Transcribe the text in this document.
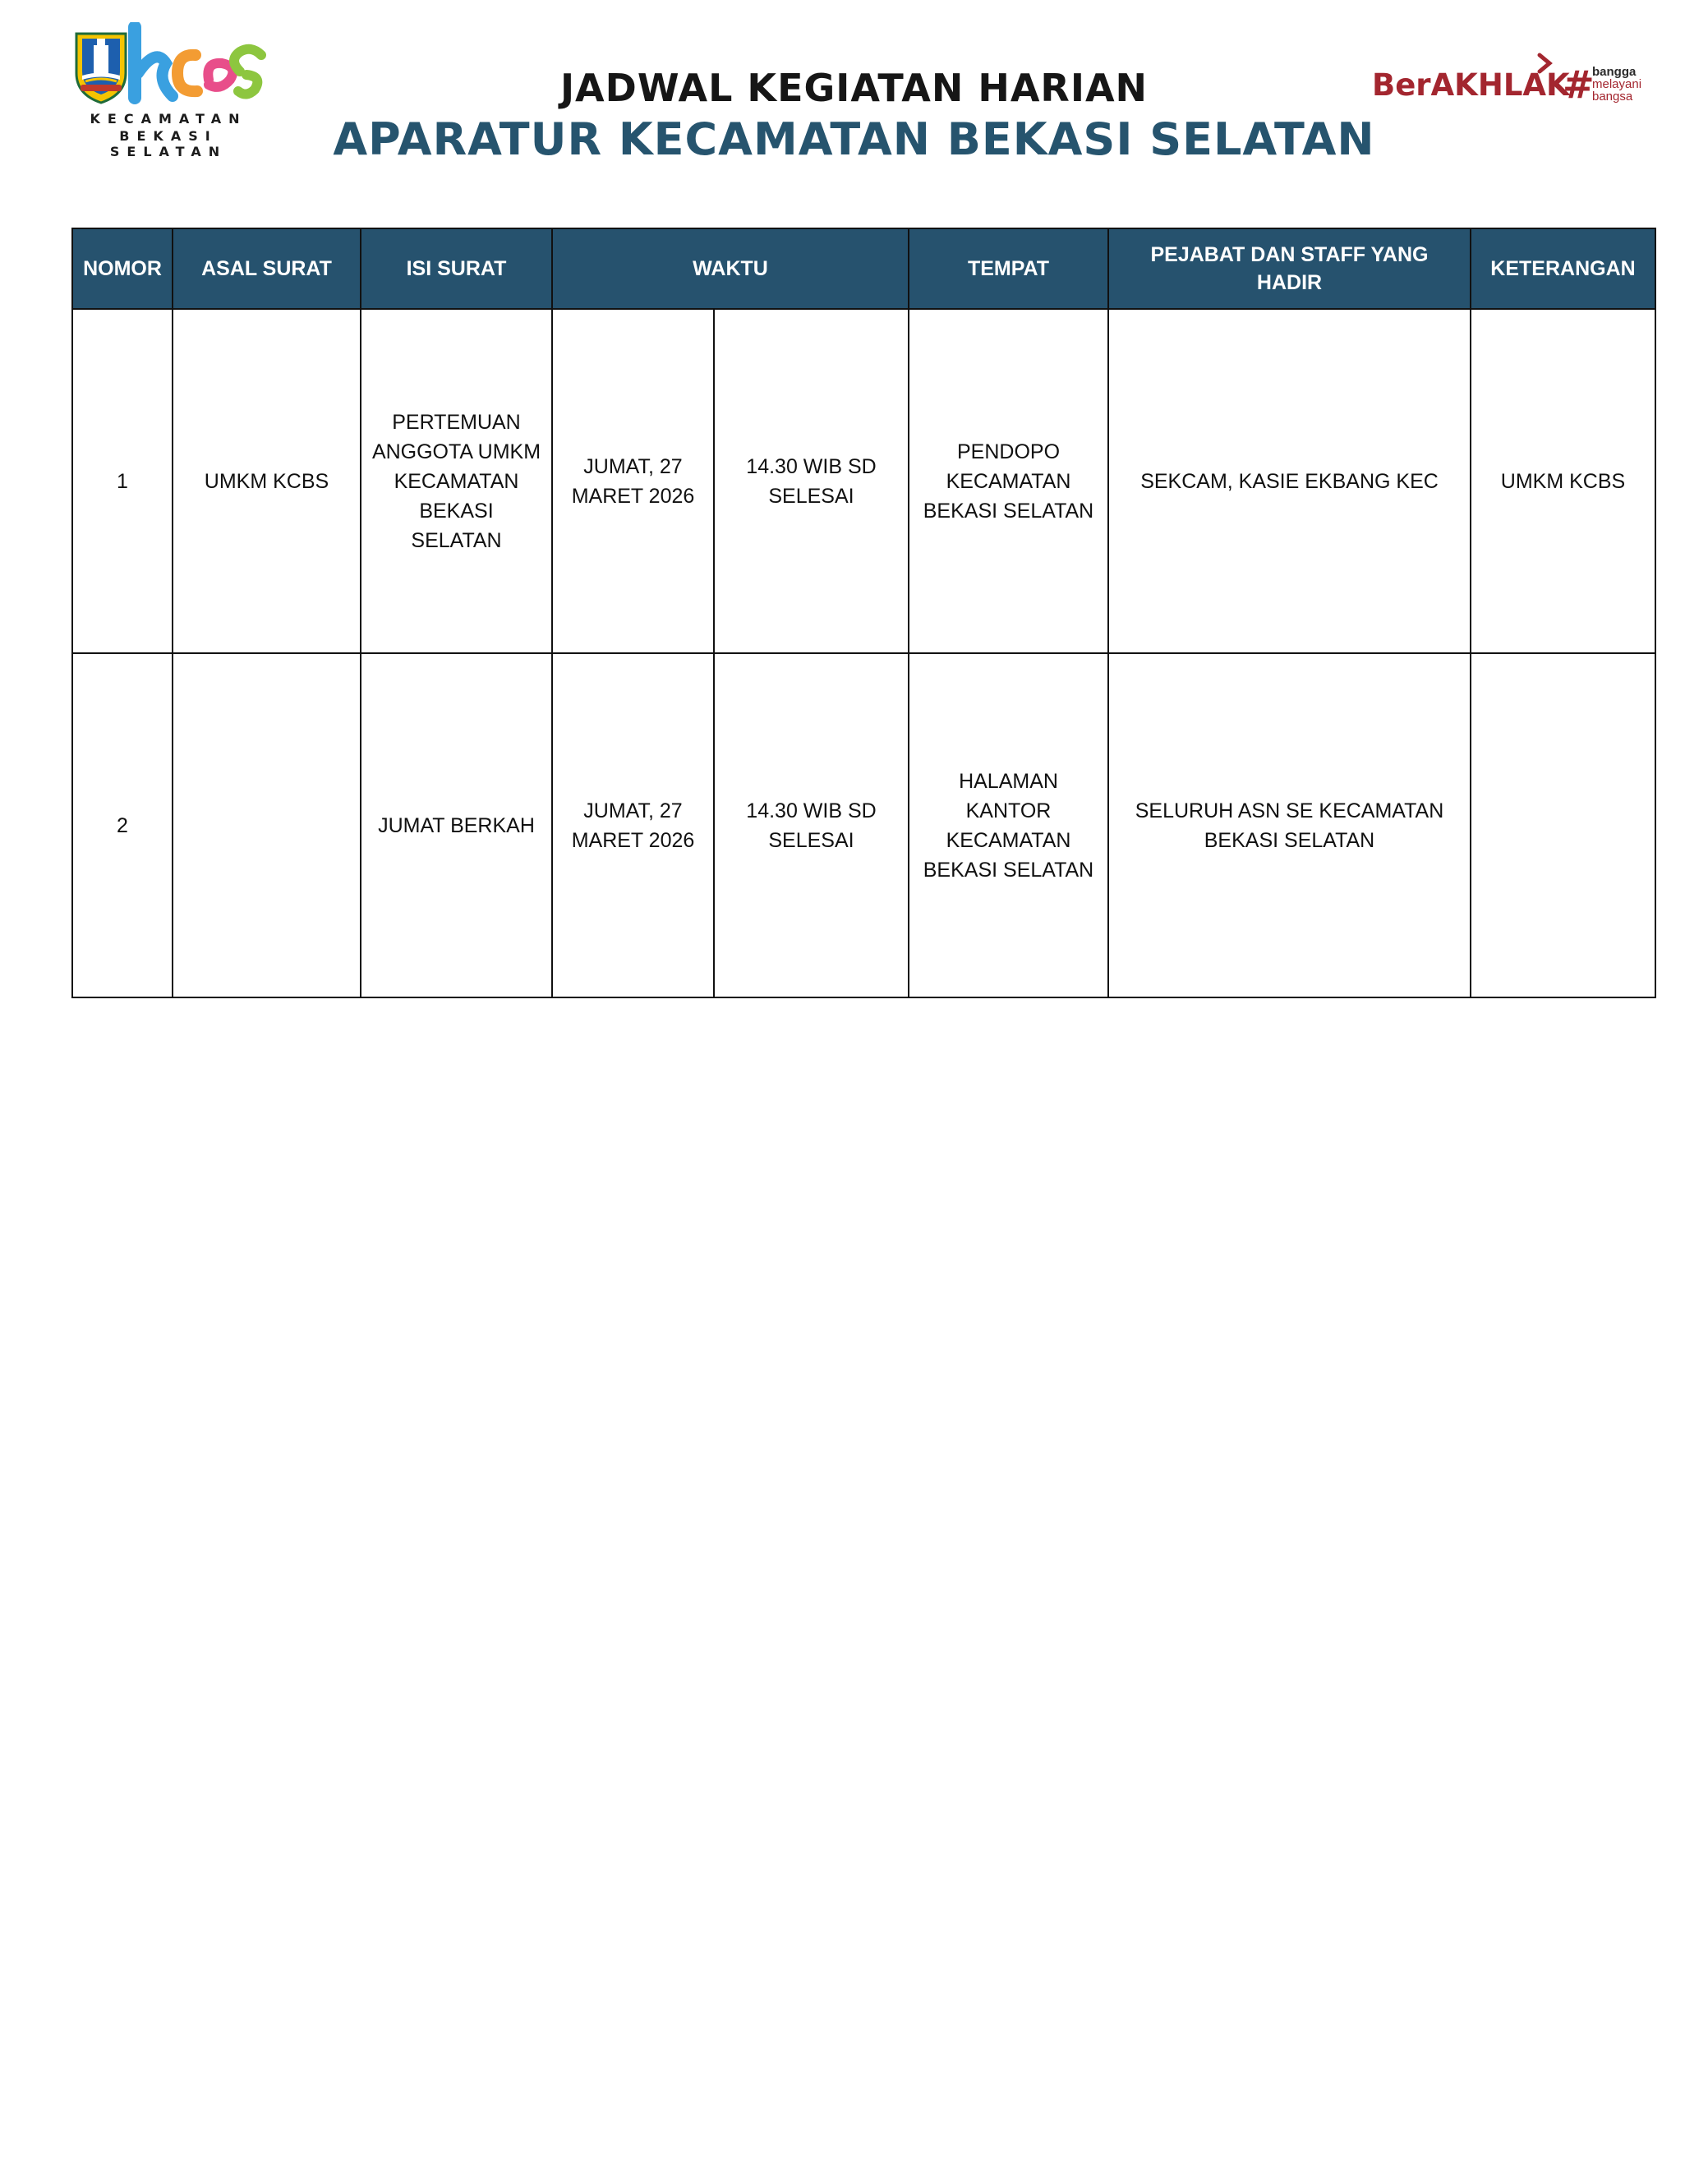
KECAMATAN
BEKASI SELATAN
JADWAL KEGIATAN HARIAN
APARATUR KECAMATAN BEKASI SELATAN
BerAKHLAK
#
bangga
melayani
bangsa
NOMOR	ASAL SURAT	ISI SURAT	WAKTU		TEMPAT	PEJABAT DAN STAFF YANG HADIR	KETERANGAN
1	UMKM KCBS	PERTEMUAN ANGGOTA UMKM KECAMATAN BEKASI SELATAN	JUMAT, 27 MARET 2026	14.30 WIB SD SELESAI	PENDOPO KECAMATAN BEKASI SELATAN	SEKCAM, KASIE EKBANG KEC	UMKM KCBS
2		JUMAT BERKAH	JUMAT, 27 MARET 2026	14.30 WIB SD SELESAI	HALAMAN KANTOR KECAMATAN BEKASI SELATAN	SELURUH ASN SE KECAMATAN BEKASI SELATAN	
